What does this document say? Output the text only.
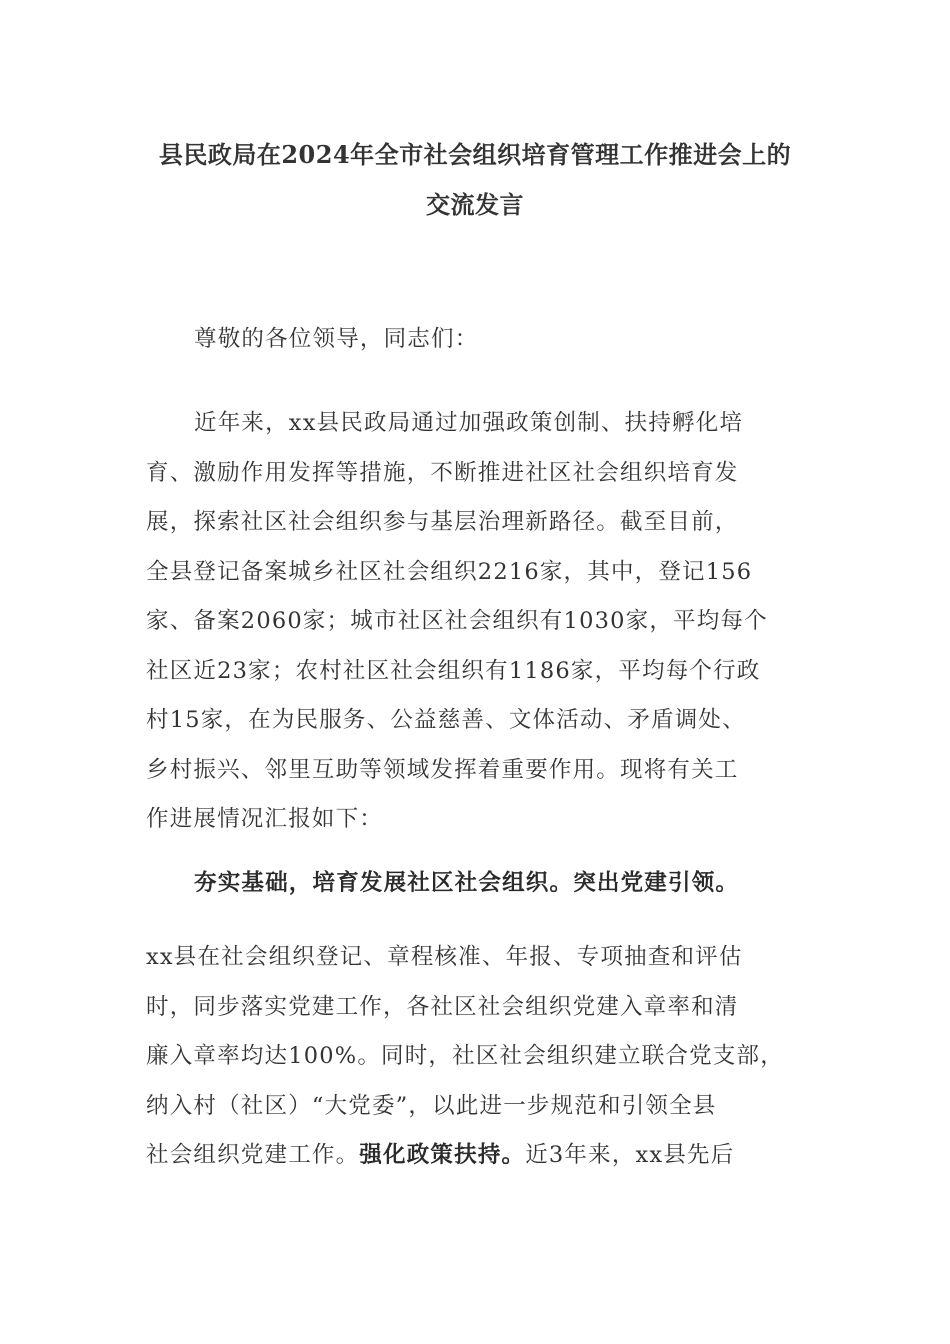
县民政局在2024年全市社会组织培育管理工作推进会上的
交流发言
尊敬的各位领导，同志们：
近年来，xx县民政局通过加强政策创制、扶持孵化培
育、激励作用发挥等措施，不断推进社区社会组织培育发
展，探索社区社会组织参与基层治理新路径。截至目前，
全县登记备案城乡社区社会组织2216家，其中，登记156
家、备案2060家；城市社区社会组织有1030家，平均每个
社区近23家；农村社区社会组织有1186家，平均每个行政
村15家，在为民服务、公益慈善、文体活动、矛盾调处、
乡村振兴、邻里互助等领域发挥着重要作用。现将有关工
作进展情况汇报如下：
夯实基础，培育发展社区社会组织。突出党建引领。
xx县在社会组织登记、章程核准、年报、专项抽查和评估
时，同步落实党建工作，各社区社会组织党建入章率和清
廉入章率均达100%。同时，社区社会组织建立联合党支部，
纳入村（社区）“大党委”，以此进一步规范和引领全县
社会组织党建工作。强化政策扶持。近3年来，xx县先后
